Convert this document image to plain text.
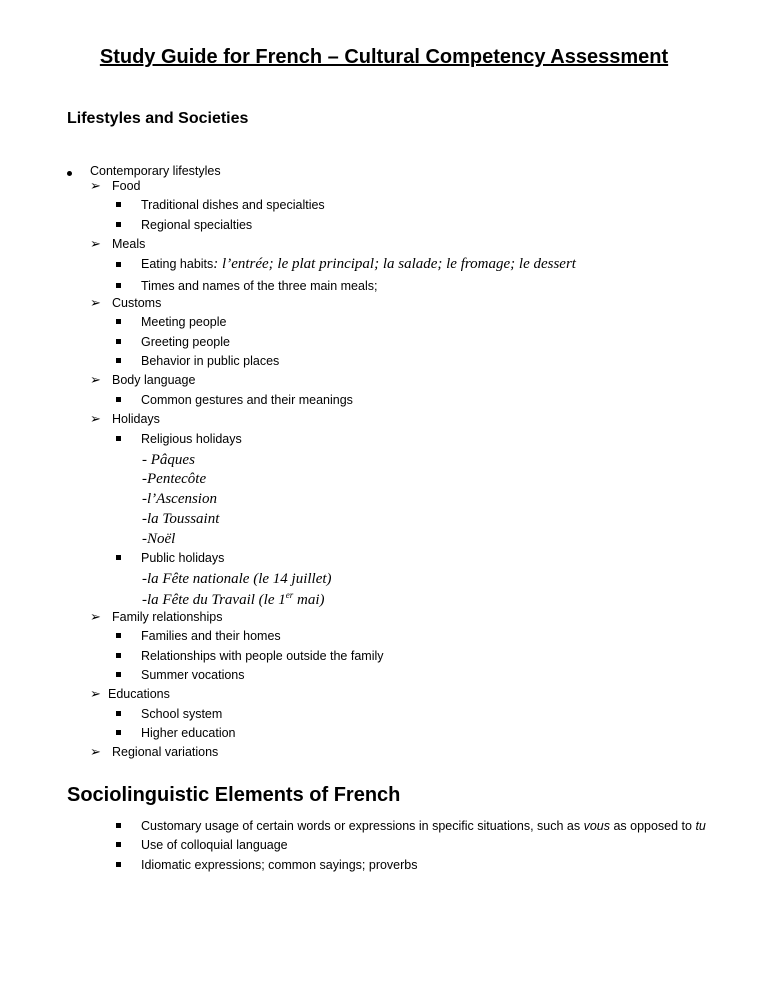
Study Guide for French – Cultural Competency Assessment
Lifestyles and Societies
Contemporary lifestyles
➢ Food
Traditional dishes and specialties
Regional specialties
➢ Meals
Eating habits: l’entrée; le plat principal; la salade; le fromage; le dessert
Times and names of the three main meals;
➢ Customs
Meeting people
Greeting people
Behavior in public places
➢ Body language
Common gestures and their meanings
➢ Holidays
Religious holidays
- Pâques
-Pentecôte
-l’Ascension
-la Toussaint
-Noël
Public holidays
-la Fête nationale (le 14 juillet)
-la Fête du Travail (le 1er mai)
➢ Family relationships
Families and their homes
Relationships with people outside the family
Summer vocations
➢ Educations
School system
Higher education
➢ Regional variations
Sociolinguistic Elements of French
Customary usage of certain words or expressions in specific situations, such as vous as opposed to tu
Use of colloquial language
Idiomatic expressions; common sayings; proverbs
